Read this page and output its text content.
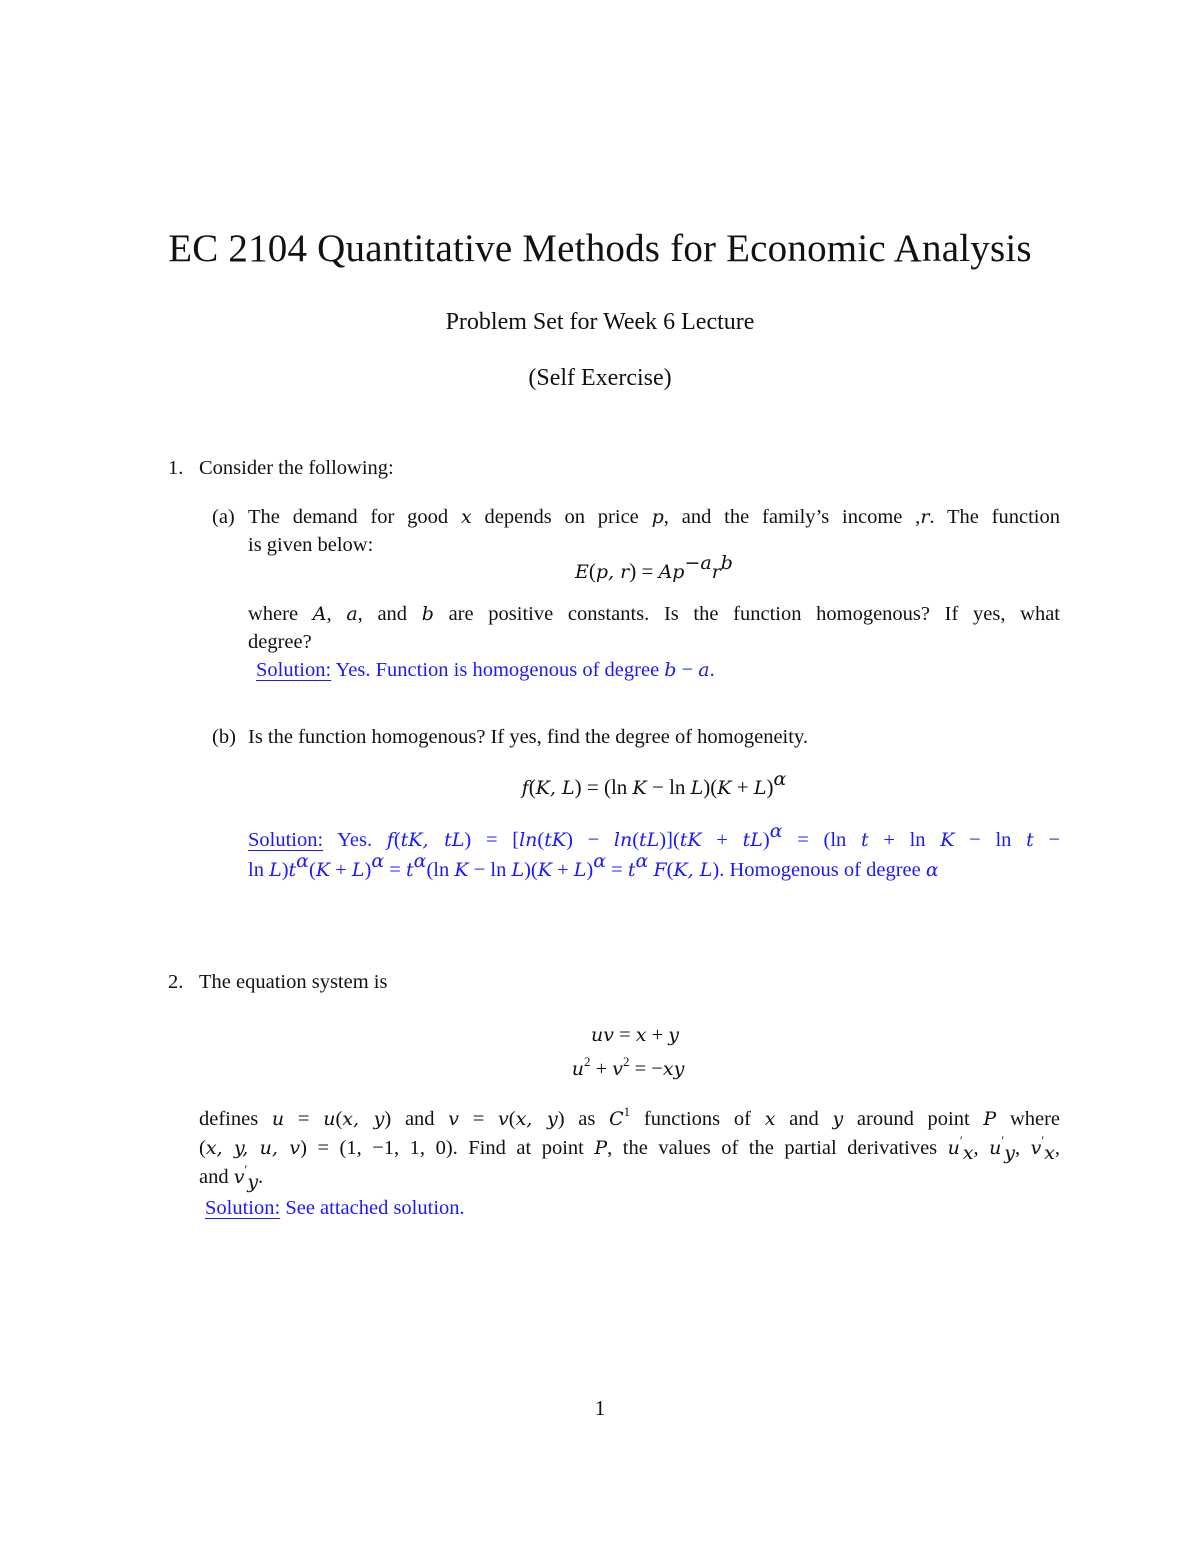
EC 2104 Quantitative Methods for Economic Analysis
Problem Set for Week 6 Lecture
(Self Exercise)
1. Consider the following:
(a) The demand for good x depends on price p, and the family’s income ,r. The function
is given below:
E(p, $r) = Ap^{-a}r^b$
where A, a, and b are positive constants. Is the function homogenous? If yes, what
degree?
Solution: Yes. Function is homogenous of degree b − a.
(b) Is the function homogenous? If yes, find the degree of homogeneity.
f(K, L) = (ln $K - \ln L)(K + L)^\alpha$
Solution: Yes. f(tK, tL) = [ln(tK) − ln(tL)](tK + tL)$^\alpha$ = (ln t + ln K − ln t −
$\ln L)t^\alpha(K + L)^\alpha = t^\alpha(\ln$ $K - \ln L)(K + L)^\alpha = t^\alpha$ F(K, L). Homogenous of degree α
2. The equation system is
uv = x + y
$u^2 + v^2 = -xy$
defines u = u(x, y) and v = v(x, y) as $C^1$ functions of x and y around point P where
(x, y, u, v) = (1, −1, 1, 0). Find at point P, the values of the partial derivatives $u'_x$, $u'_y$, $v'_x$,
and $v'_y$.
Solution: See attached solution.
1
